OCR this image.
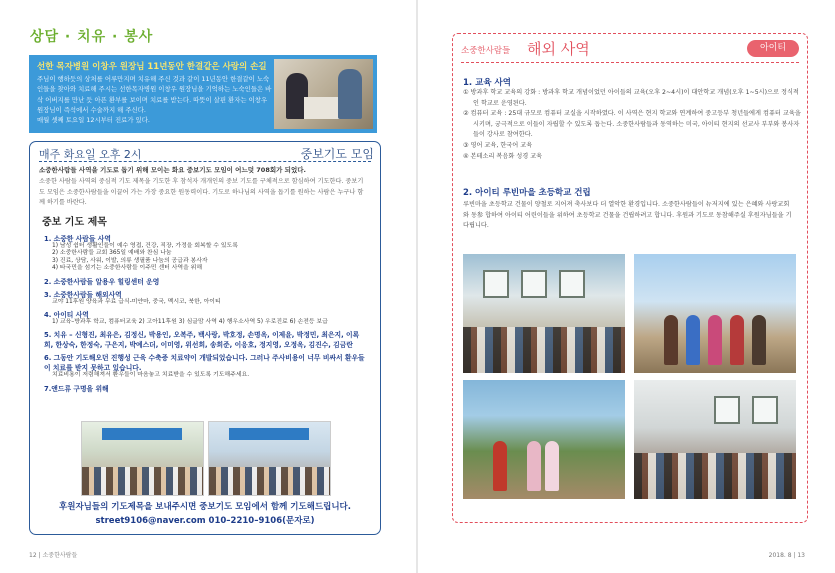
상담 · 치유 · 봉사
선한 목자병원 이창우 원장님 11년동안 한결같은 사랑의 손길
주님이 행하듯의 상처를 어루만지며 치유해 주신 것과 같이 11년동안 한결같이 노숙인들을 찾아와 치료해 주시는 선한목자병원 이창우 원장님을 기억하는 노숙인들은 바삭 어버지를 만난 듯 아픈 환부를 보이며 치료를 받는다. 따뜻이 살핀 환자는 이창우 원장님이 즉석에서 수술까지 해 주신다.
매월 셋째 토요일 12시부터 진료가 있다.
매주 화요일 오후 2시	중보기도 모임
소중한사람들 사역을 기도로 돕기 위해 모이는 화요 중보기도 모임이 어느덧 708회가 되었다.
소중한 사람들 사역의 중심적 기도 제목을 기도한 후 참석자 개개인의 중보 기도를 구체적으로 함심하여 기도한다. 중보기도 모임은 소중한사람들을 이끌어 가는 가장 중요한 원동력이다. 기도로 하나님의 사역을 돕기를 원하는 사람은 누구나 함께 하기를 바란다.
중보 기도 제목
1. 소중한 사람들 사역
1) 남성 쉼터 생활인들이 예수 영접, 건강, 직장, 가정을 회복할 수 있도록
2) 소중한사람들 교회 365일 예배와 찬심 나눔
3) 진료, 상담, 사워, 이발, 의류 생필품 나눔의 공급과 봉사자
4) 타국민을 섬기는 소중한사람들 이주민 센터 사역을 위해
2. 소중한사람들 알용우 힐링센터 운영
3. 소중한사람들 해외사역
교야 11후원 양육과 무료 급식-미얀마, 중국, 멕시코, 북한, 아이티
4. 아이티 사역
1) 교육–방과후 학교, 컴퓨터교육 2) 고아11후원 3) 심글맘 사역 4) 행우소사역 5) 우로진료 6) 손전등 보급
5. 치유 – 신형진, 최유은, 김정신, 박용인, 오복주, 백사랑, 박호정, 손명옥, 이제윤, 박정민, 최은지, 이록희, 한상숙, 한정숙, 구은지, 박예스더, 이미영, 위선희, 송희준, 이응호, 정지영, 오정옥, 김진수, 김금란
6. 그동안 기도해오던 진행성 근육 수축증 치료약이 개발되었습니다. 그러나 주사비용이 너무 비싸서 환우들이 치료를 받지 못하고 있습니다.
치료비용이 저렴해져서 환우들이 마음놓고 치료받을 수 있도록 기도해주세요.
7.앤드류 구명을 위해
후원자님들의 기도제목을 보내주시면 중보기도 모임에서 함께 기도해드립니다.
street9106@naver.com 010–2210–9106(문자로)
12 | 소중한사람들
소중한사람들 해외 사역	아이티
1. 교육 사역
① 방과후 학교 교육의 강화 : 방과후 학교 개념이었던 아이들의 교육(오후 2~4시)이 대안학교 개념(오후 1~5시)으로 정식적인 학교로 운영된다.
② 컴퓨터 교육 : 25대 규모로 컴퓨터 교실을 시작하였다. 이 사역은 현지 학교와 연계하여 중고등부 청년들에게 컴퓨터 교육을 시키며, 궁극적으로 이들이 자립할 수 있도록 돕는다. 소중한사람들과 동역하는 미국, 아이티 현지의 선교사 부부와 봉사자들이 강사로 참여한다.
③ 영어 교육, 한국어 교육
④ 본테소리 복음화 성경 교육
2. 아이티 루빈마을 초등학교 건립
루빈마을 초등학교 건물이 양철로 지어져 축사보다 더 열악한 환경입니다. 소중한사람들이 뉴저지에 있는 은혜와 사랑교회와 동参 합하여 아이티 어린이들을 위하여 초등학교 건물을 건립하려고 합니다. 후원과 기도로 동참해주실 후원자님들을 기다립니다.
2018. 8 | 13
